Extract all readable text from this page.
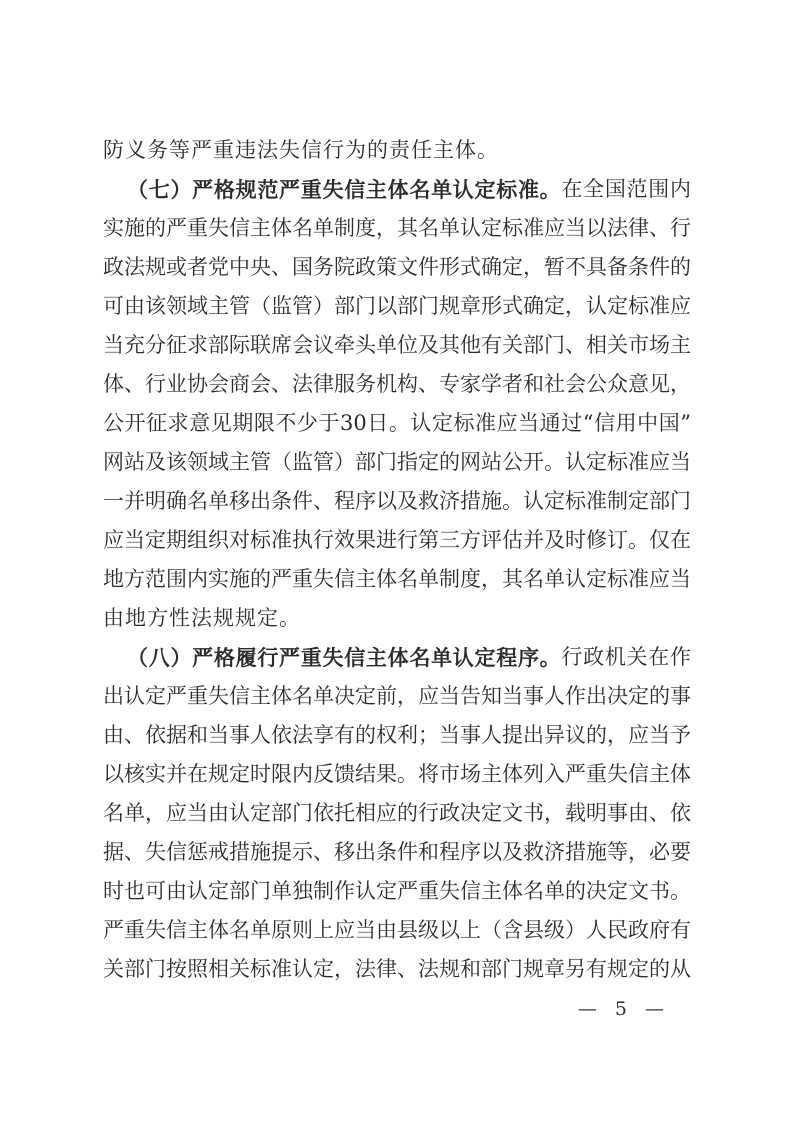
防义务等严重违法失信行为的责任主体。
（ 七 ） 严 格 规 范 严 重 失 信 主 体 名 单 认 定 标 准 。 在 全 国 范 围 内
实 施 的 严 重 失 信 主 体 名 单 制 度 ， 其 名 单 认 定 标 准 应 当 以 法 律 、 行
政 法 规 或 者 党 中 央 、 国 务 院 政 策 文 件 形 式 确 定 ， 暂 不 具 备 条 件 的
可 由 该 领 域 主 管 （ 监 管 ） 部 门 以 部 门 规 章 形 式 确 定 ， 认 定 标 准 应
当 充 分 征 求 部 际 联 席 会 议 牵 头 单 位 及 其 他 有 关 部 门 、 相 关 市 场 主
体 、 行 业 协 会 商 会 、 法 律 服 务 机 构 、 专 家 学 者 和 社 会 公 众 意 见 ，
公 开 征 求 意 见 期 限 不 少 于 30 日 。 认 定 标 准 应 当 通 过 “ 信 用 中 国 ”
网 站 及 该 领 域 主 管 （ 监 管 ） 部 门 指 定 的 网 站 公 开 。 认 定 标 准 应 当
一 并 明 确 名 单 移 出 条 件 、 程 序 以 及 救 济 措 施 。 认 定 标 准 制 定 部 门
应 当 定 期 组 织 对 标 准 执 行 效 果 进 行 第 三 方 评 估 并 及 时 修 订 。 仅 在
地 方 范 围 内 实 施 的 严 重 失 信 主 体 名 单 制 度 ， 其 名 单 认 定 标 准 应 当
由地方性法规规定。
（ 八 ） 严 格 履 行 严 重 失 信 主 体 名 单 认 定 程 序 。 行 政 机 关 在 作
出 认 定 严 重 失 信 主 体 名 单 决 定 前 ， 应 当 告 知 当 事 人 作 出 决 定 的 事
由 、 依 据 和 当 事 人 依 法 享 有 的 权 利 ； 当 事 人 提 出 异 议 的 ， 应 当 予
以 核 实 并 在 规 定 时 限 内 反 馈 结 果 。 将 市 场 主 体 列 入 严 重 失 信 主 体
名 单 ， 应 当 由 认 定 部 门 依 托 相 应 的 行 政 决 定 文 书 ， 载 明 事 由 、 依
据 、 失 信 惩 戒 措 施 提 示 、 移 出 条 件 和 程 序 以 及 救 济 措 施 等 ， 必 要
时 也 可 由 认 定 部 门 单 独 制 作 认 定 严 重 失 信 主 体 名 单 的 决 定 文 书 。
严 重 失 信 主 体 名 单 原 则 上 应 当 由 县 级 以 上 （ 含 县 级 ） 人 民 政 府 有
关 部 门 按 照 相 关 标 准 认 定 ， 法 律 、 法 规 和 部 门 规 章 另 有 规 定 的 从
— 5 —
